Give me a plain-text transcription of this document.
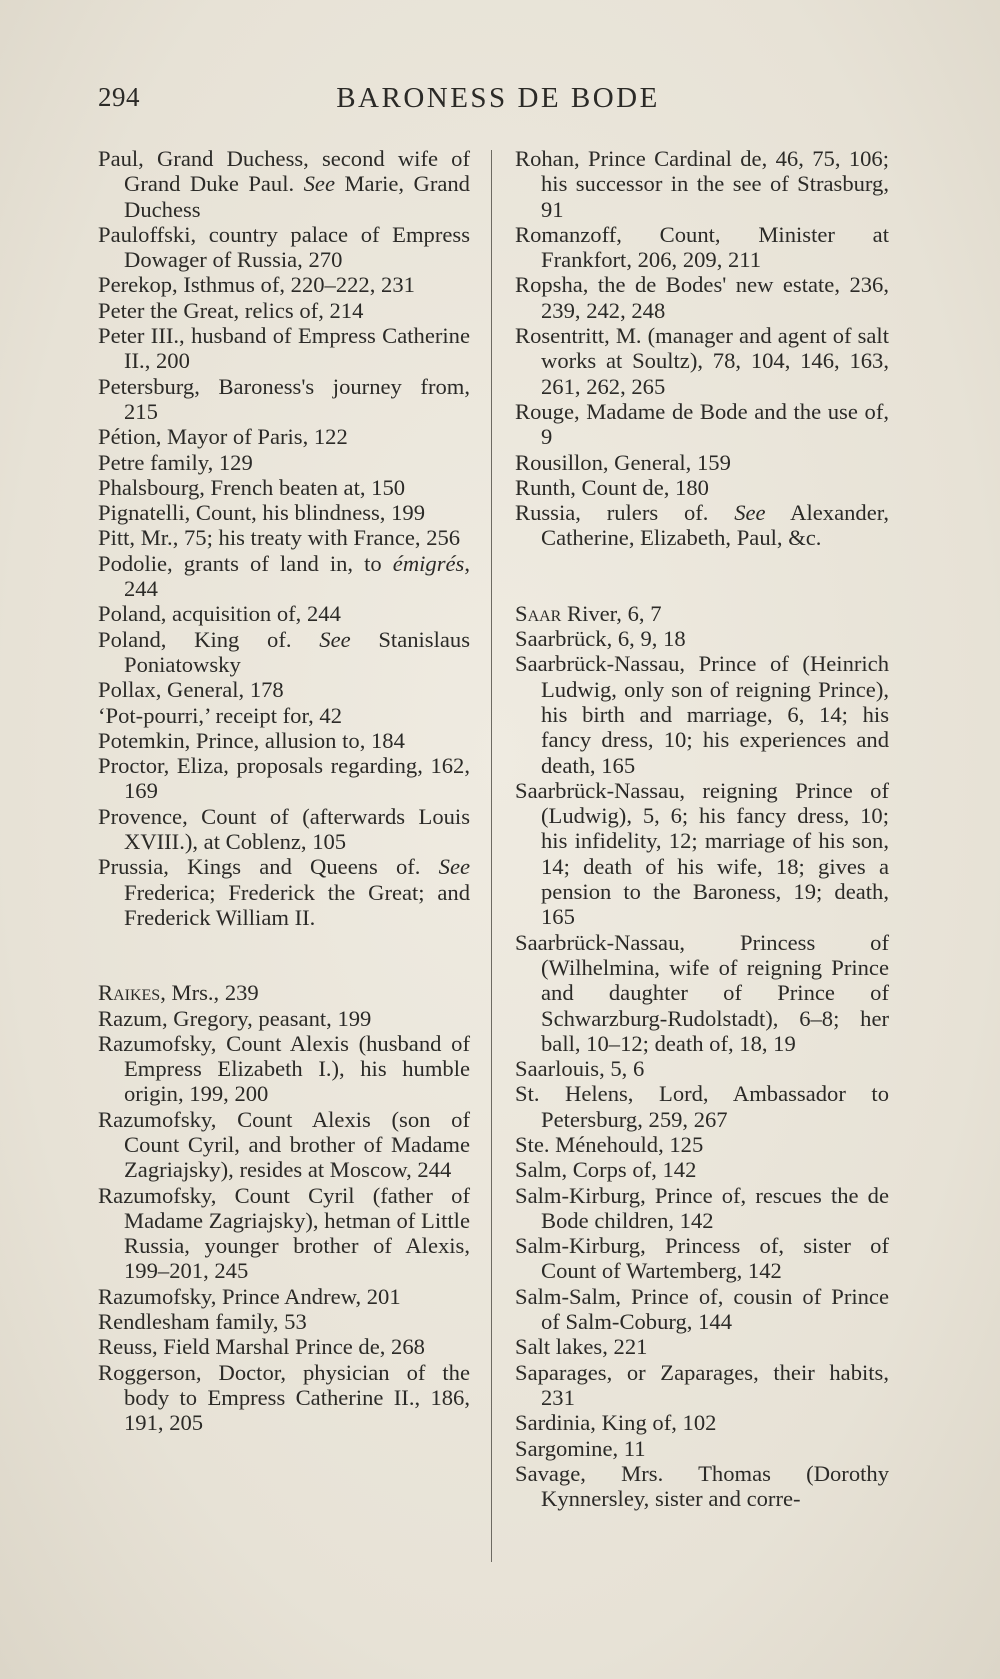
294	BARONESS DE BODE

Paul, Grand Duchess, second wife of Grand Duke Paul. See Marie, Grand Duchess

Pauloffski, country palace of Empress Dowager of Russia, 270

Perekop, Isthmus of, 220–222, 231

Peter the Great, relics of, 214

Peter III., husband of Empress Catherine II., 200

Petersburg, Baroness's journey from, 215

Pétion, Mayor of Paris, 122

Petre family, 129

Phalsbourg, French beaten at, 150

Pignatelli, Count, his blindness, 199

Pitt, Mr., 75; his treaty with France, 256

Podolie, grants of land in, to émigrés, 244

Poland, acquisition of, 244

Poland, King of. See Stanislaus Poniatowsky

Pollax, General, 178

‘Pot-pourri,’ receipt for, 42

Potemkin, Prince, allusion to, 184

Proctor, Eliza, proposals regarding, 162, 169

Provence, Count of (afterwards Louis XVIII.), at Coblenz, 105

Prussia, Kings and Queens of. See Frederica; Frederick the Great; and Frederick William II.

Raikes, Mrs., 239

Razum, Gregory, peasant, 199

Razumofsky, Count Alexis (husband of Empress Elizabeth I.), his humble origin, 199, 200

Razumofsky, Count Alexis (son of Count Cyril, and brother of Madame Zagriajsky), resides at Moscow, 244

Razumofsky, Count Cyril (father of Madame Zagriajsky), hetman of Little Russia, younger brother of Alexis, 199–201, 245

Razumofsky, Prince Andrew, 201

Rendlesham family, 53

Reuss, Field Marshal Prince de, 268

Roggerson, Doctor, physician of the body to Empress Catherine II., 186, 191, 205

Rohan, Prince Cardinal de, 46, 75, 106; his successor in the see of Strasburg, 91

Romanzoff, Count, Minister at Frankfort, 206, 209, 211

Ropsha, the de Bodes' new estate, 236, 239, 242, 248

Rosentritt, M. (manager and agent of salt works at Soultz), 78, 104, 146, 163, 261, 262, 265

Rouge, Madame de Bode and the use of, 9

Rousillon, General, 159

Runth, Count de, 180

Russia, rulers of. See Alexander, Catherine, Elizabeth, Paul, &c.

Saar River, 6, 7

Saarbrück, 6, 9, 18

Saarbrück-Nassau, Prince of (Heinrich Ludwig, only son of reigning Prince), his birth and marriage, 6, 14; his fancy dress, 10; his experiences and death, 165

Saarbrück-Nassau, reigning Prince of (Ludwig), 5, 6; his fancy dress, 10; his infidelity, 12; marriage of his son, 14; death of his wife, 18; gives a pension to the Baroness, 19; death, 165

Saarbrück-Nassau, Princess of (Wilhelmina, wife of reigning Prince and daughter of Prince of Schwarzburg-Rudolstadt), 6–8; her ball, 10–12; death of, 18, 19

Saarlouis, 5, 6

St. Helens, Lord, Ambassador to Petersburg, 259, 267

Ste. Ménehould, 125

Salm, Corps of, 142

Salm-Kirburg, Prince of, rescues the de Bode children, 142

Salm-Kirburg, Princess of, sister of Count of Wartemberg, 142

Salm-Salm, Prince of, cousin of Prince of Salm-Coburg, 144

Salt lakes, 221

Saparages, or Zaparages, their habits, 231

Sardinia, King of, 102

Sargomine, 11

Savage, Mrs. Thomas (Dorothy Kynnersley, sister and corre-
